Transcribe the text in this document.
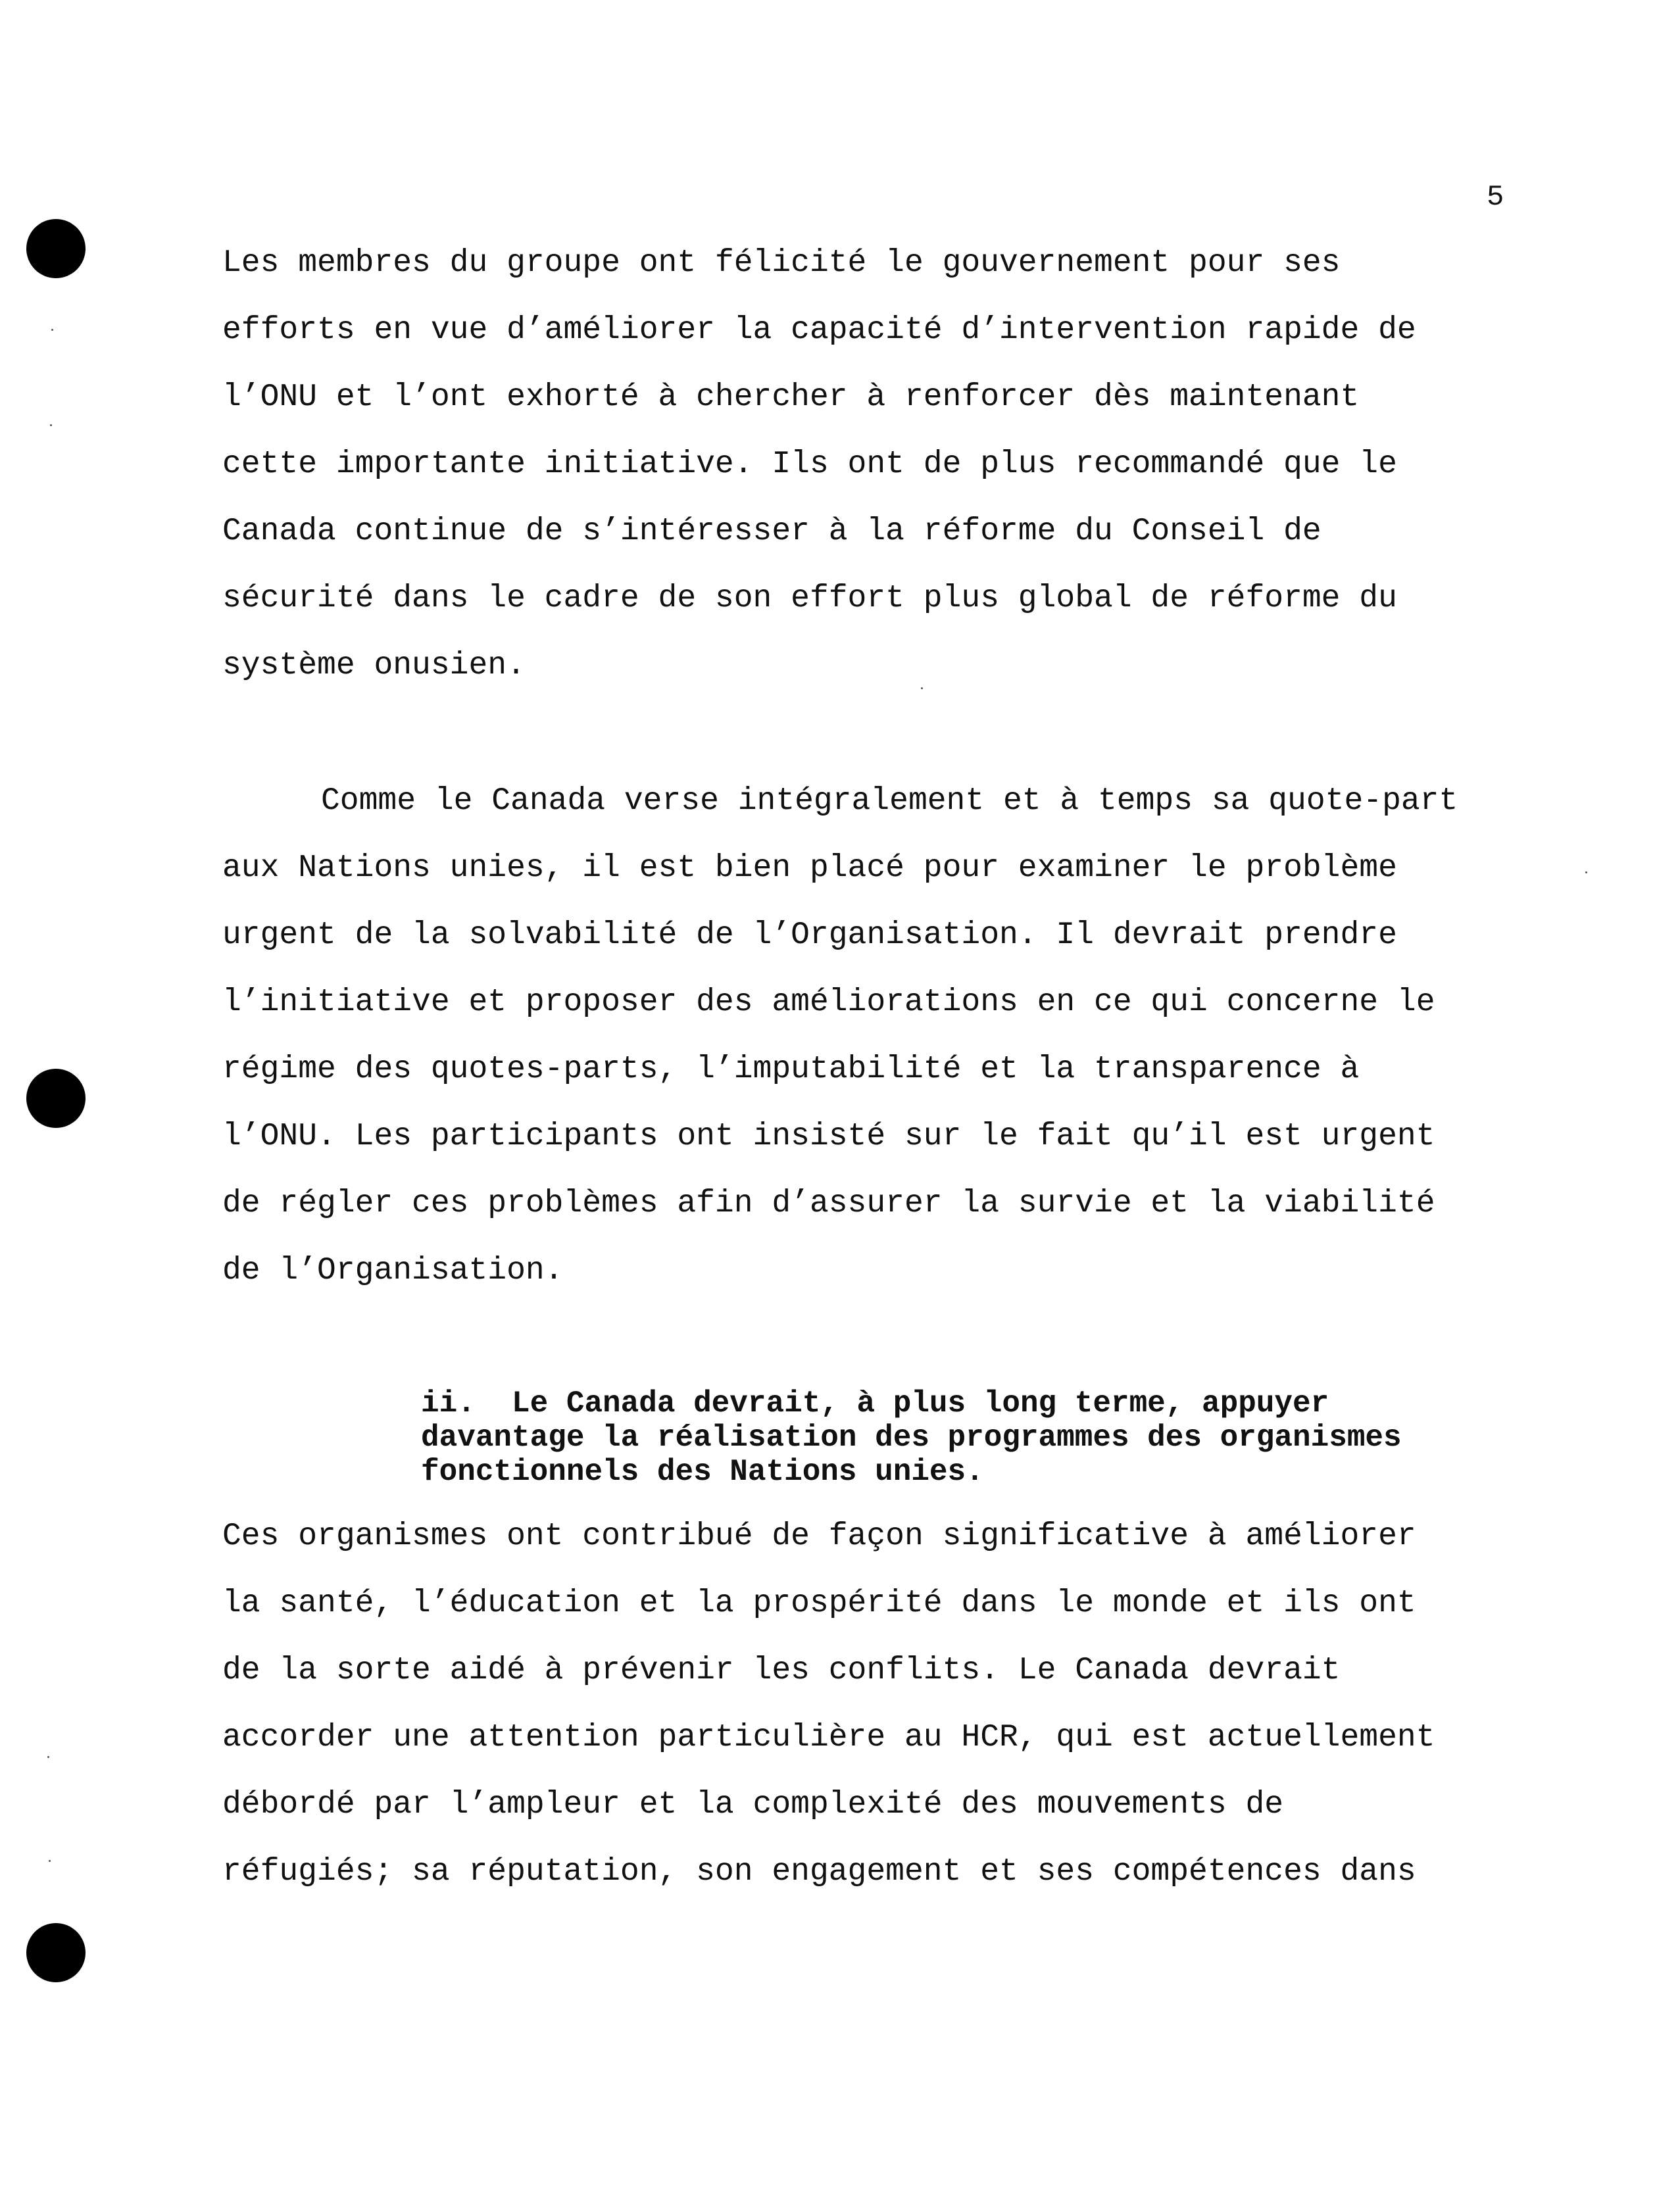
5

Les membres du groupe ont félicité le gouvernement pour ses

efforts en vue d’améliorer la capacité d’intervention rapide de

l’ONU et l’ont exhorté à chercher à renforcer dès maintenant

cette importante initiative. Ils ont de plus recommandé que le

Canada continue de s’intéresser à la réforme du Conseil de

sécurité dans le cadre de son effort plus global de réforme du

système onusien.

Comme le Canada verse intégralement et à temps sa quote-part

aux Nations unies, il est bien placé pour examiner le problème

urgent de la solvabilité de l’Organisation. Il devrait prendre

l’initiative et proposer des améliorations en ce qui concerne le

régime des quotes-parts, l’imputabilité et la transparence à

l’ONU. Les participants ont insisté sur le fait qu’il est urgent

de régler ces problèmes afin d’assurer la survie et la viabilité

de l’Organisation.

ii.  Le Canada devrait, à plus long terme, appuyer

davantage la réalisation des programmes des organismes

fonctionnels des Nations unies.

Ces organismes ont contribué de façon significative à améliorer

la santé, l’éducation et la prospérité dans le monde et ils ont

de la sorte aidé à prévenir les conflits. Le Canada devrait

accorder une attention particulière au HCR, qui est actuellement

débordé par l’ampleur et la complexité des mouvements de

réfugiés; sa réputation, son engagement et ses compétences dans
